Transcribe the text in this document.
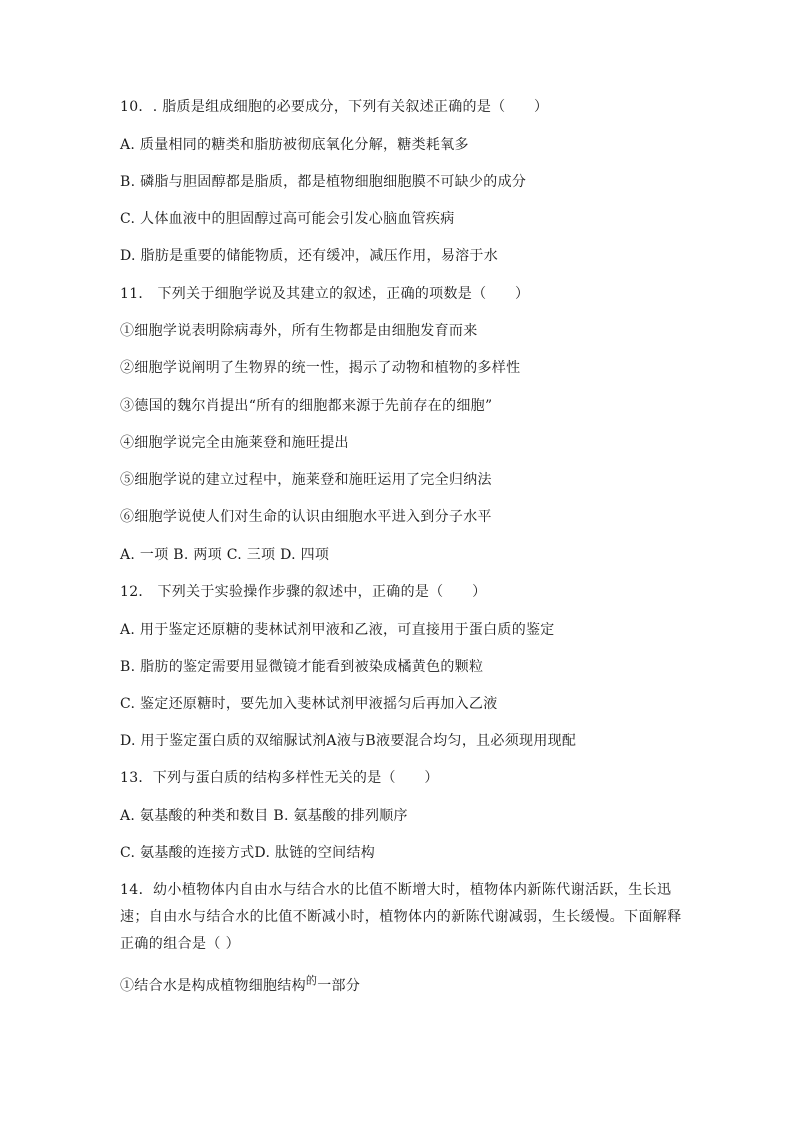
10．. 脂质是组成细胞的必要成分，下列有关叙述正确的是（　　）
A. 质量相同的糖类和脂肪被彻底氧化分解，糖类耗氧多
B. 磷脂与胆固醇都是脂质，都是植物细胞细胞膜不可缺少的成分
C. 人体血液中的胆固醇过高可能会引发心脑血管疾病
D. 脂肪是重要的储能物质，还有缓冲，减压作用，易溶于水
11． 下列关于细胞学说及其建立的叙述，正确的项数是（　　）
①细胞学说表明除病毒外，所有生物都是由细胞发育而来
②细胞学说阐明了生物界的统一性，揭示了动物和植物的多样性
③德国的魏尔肖提出“所有的细胞都来源于先前存在的细胞”
④细胞学说完全由施莱登和施旺提出
⑤细胞学说的建立过程中，施莱登和施旺运用了完全归纳法
⑥细胞学说使人们对生命的认识由细胞水平进入到分子水平
A. 一项 B. 两项 C. 三项 D. 四项
12． 下列关于实验操作步骤的叙述中，正确的是（　　）
A. 用于鉴定还原糖的斐林试剂甲液和乙液，可直接用于蛋白质的鉴定
B. 脂肪的鉴定需要用显微镜才能看到被染成橘黄色的颗粒
C. 鉴定还原糖时，要先加入斐林试剂甲液摇匀后再加入乙液
D. 用于鉴定蛋白质的双缩脲试剂A液与B液要混合均匀，且必须现用现配
13．下列与蛋白质的结构多样性无关的是（　　）
A. 氨基酸的种类和数目 B. 氨基酸的排列顺序
C. 氨基酸的连接方式D. 肽链的空间结构
14．幼小植物体内自由水与结合水的比值不断增大时，植物体内新陈代谢活跃，生长迅速；自由水与结合水的比值不断减小时，植物体内的新陈代谢减弱，生长缓慢。下面解释正确的组合是（ ）
①结合水是构成植物细胞结构$^的$一部分
